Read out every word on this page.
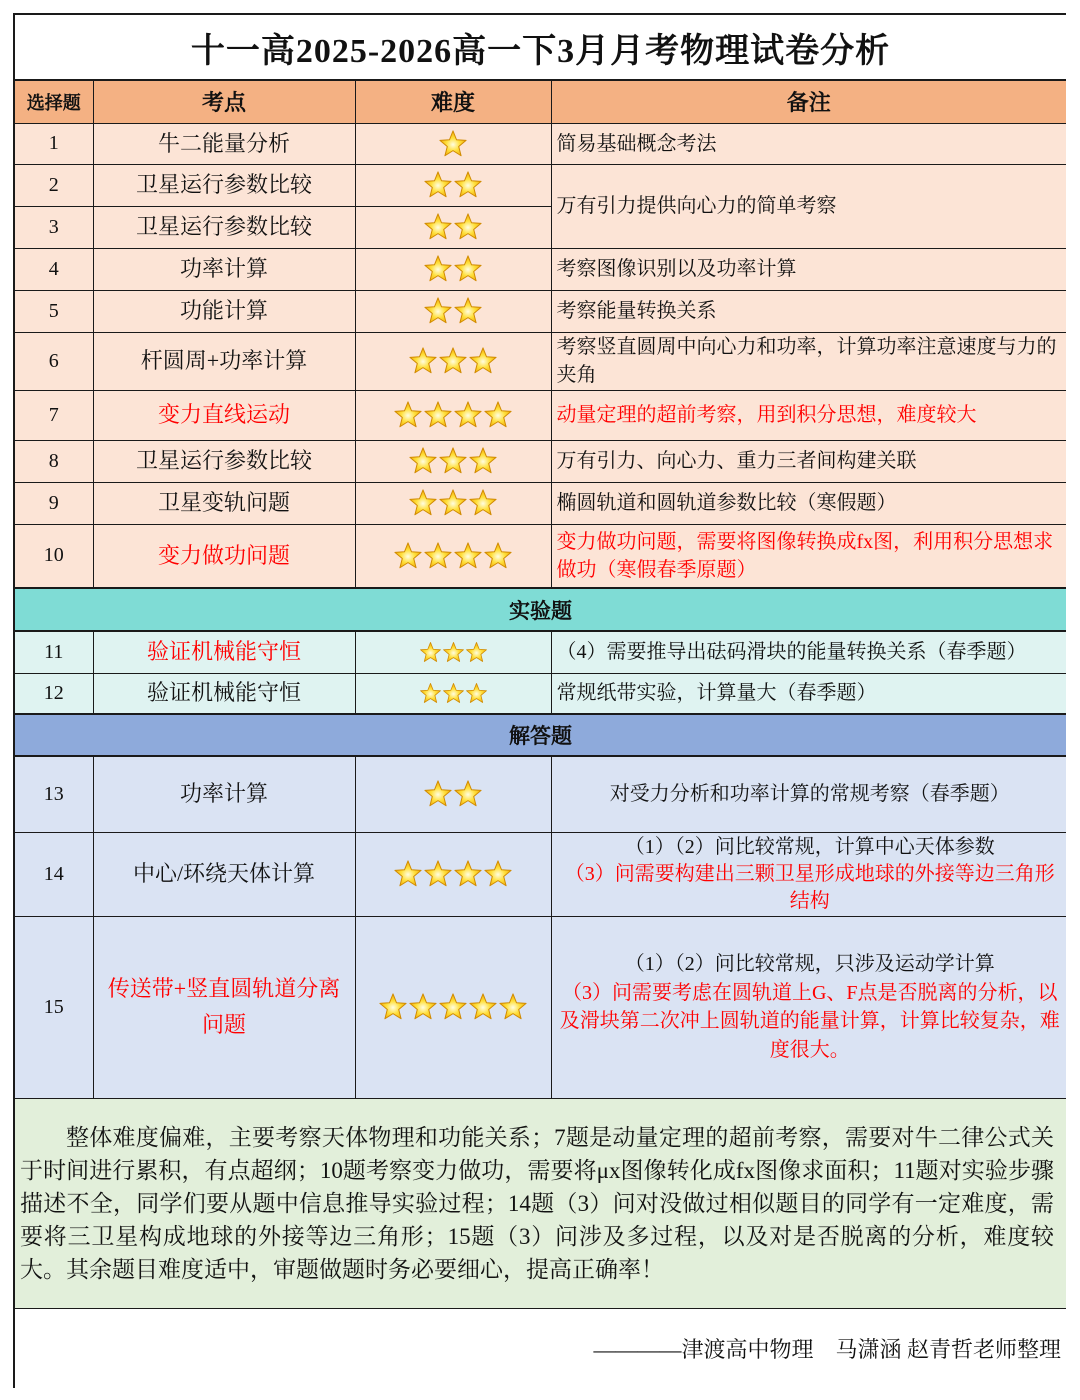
十一高2025-2026高一下3月月考物理试卷分析			
选择题	考点	难度	备注
1	牛二能量分析		简易基础概念考法
2	卫星运行参数比较		万有引力提供向心力的简单考察
3	卫星运行参数比较	

4	功率计算		考察图像识别以及功率计算
5	功能计算		考察能量转换关系
6	杆圆周+功率计算		考察竖直圆周中向心力和功率，计算功率注意速度与力的夹角
7	变力直线运动		动量定理的超前考察，用到积分思想，难度较大
8	卫星运行参数比较		万有引力、向心力、重力三者间构建关联
9	卫星变轨问题		椭圆轨道和圆轨道参数比较（寒假题）
10	变力做功问题		变力做功问题，需要将图像转换成fx图，利用积分思想求做功（寒假春季原题）
实验题			
11	验证机械能守恒		（4）需要推导出砝码滑块的能量转换关系（春季题）
12	验证机械能守恒		常规纸带实验，计算量大（春季题）
解答题			
13	功率计算		对受力分析和功率计算的常规考察（春季题）
14	中心/环绕天体计算		（1）（2）问比较常规，计算中心天体参数
（3）问需要构建出三颗卫星形成地球的外接等边三角形结构

15	传送带+竖直圆轨道分离问题		（1）（2）问比较常规，只涉及运动学计算
（3）问需要考虑在圆轨道上G、F点是否脱离的分析，以及滑块第二次冲上圆轨道的能量计算，计算比较复杂，难度很大。

整体难度偏难，主要考察天体物理和功能关系；7题是动量定理的超前考察，需要对牛二律公式关于时间进行累积，有点超纲；10题考察变力做功，需要将μx图像转化成fx图像求面积；11题对实验步骤描述不全，同学们要从题中信息推导实验过程；14题（3）问对没做过相似题目的同学有一定难度，需要将三卫星构成地球的外接等边三角形；15题（3）问涉及多过程，以及对是否脱离的分析，难度较大。其余题目难度适中，审题做题时务必要细心，提高正确率！			
————津渡高中物理    马潇涵 赵青哲老师整理			
